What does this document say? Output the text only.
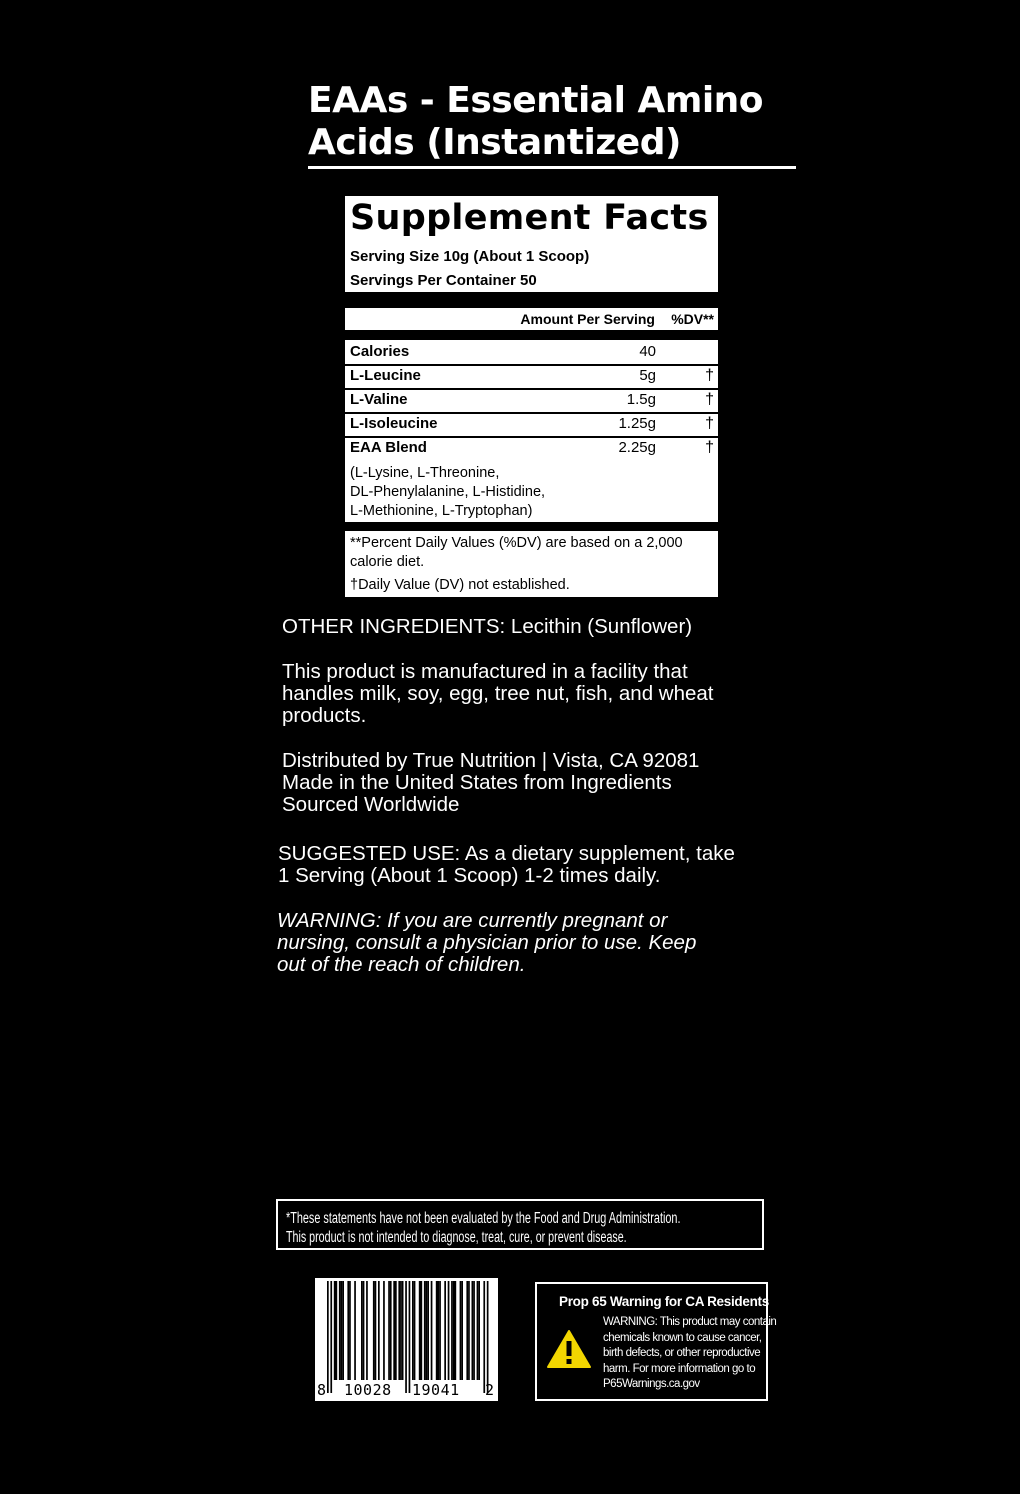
EAAs - Essential Amino
Acids (Instantized)
Supplement Facts
Serving Size 10g (About 1 Scoop)
Servings Per Container 50
Amount Per Serving %DV**
Calories	40
L-Leucine	5g	†
L-Valine	1.5g	†
L-Isoleucine	1.25g	†
EAA Blend	2.25g	†
(L-Lysine, L-Threonine,
DL-Phenylalanine, L-Histidine,
L-Methionine, L-Tryptophan)
**Percent Daily Values (%DV) are based on a 2,000
calorie diet.
†Daily Value (DV) not established.

OTHER INGREDIENTS: Lecithin (Sunflower)

This product is manufactured in a facility that
handles milk, soy, egg, tree nut, fish, and wheat
products.

Distributed by True Nutrition | Vista, CA 92081
Made in the United States from Ingredients
Sourced Worldwide

SUGGESTED USE: As a dietary supplement, take
1 Serving (About 1 Scoop) 1-2 times daily.

WARNING: If you are currently pregnant or
nursing, consult a physician prior to use. Keep
out of the reach of children.

*These statements have not been evaluated by the Food and Drug Administration.
This product is not intended to diagnose, treat, cure, or prevent disease.
8 10028 19041 2
Prop 65 Warning for CA Residents
WARNING: This product may contain
chemicals known to cause cancer,
birth defects, or other reproductive
harm. For more information go to
P65Warnings.ca.gov
